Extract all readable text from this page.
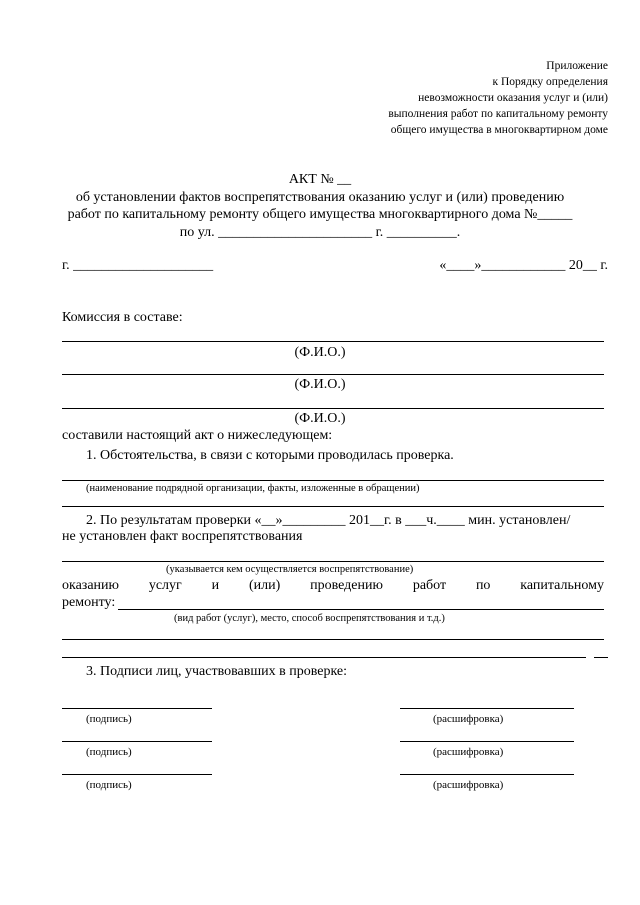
Приложение
к Порядку определения
невозможности оказания услуг и (или)
выполнения работ по капитальному ремонту
общего имущества в многоквартирном доме
АКТ № __
об установлении фактов воспрепятствования оказанию услуг и (или) проведению
работ по капитальному ремонту общего имущества многоквартирного дома №_____
по ул. ______________________ г. __________.
г. ____________________	«____»____________ 20__ г.
Комиссия в составе:
(Ф.И.О.)
(Ф.И.О.)
(Ф.И.О.)
составили настоящий акт о нижеследующем:
1. Обстоятельства, в связи с которыми проводилась проверка.
(наименование подрядной организации, факты, изложенные в обращении)
2. По результатам проверки «__»_________ 201__г. в ___ч.____ мин. установлен/
не установлен факт воспрепятствования
(указывается кем осуществляется воспрепятствование)
оказанию услуг и (или) проведению работ по капитальному
ремонту:
(вид работ (услуг), место, способ воспрепятствования и т.д.)
3. Подписи лиц, участвовавших в проверке:
(подпись)	(расшифровка)
(подпись)	(расшифровка)
(подпись)	(расшифровка)
